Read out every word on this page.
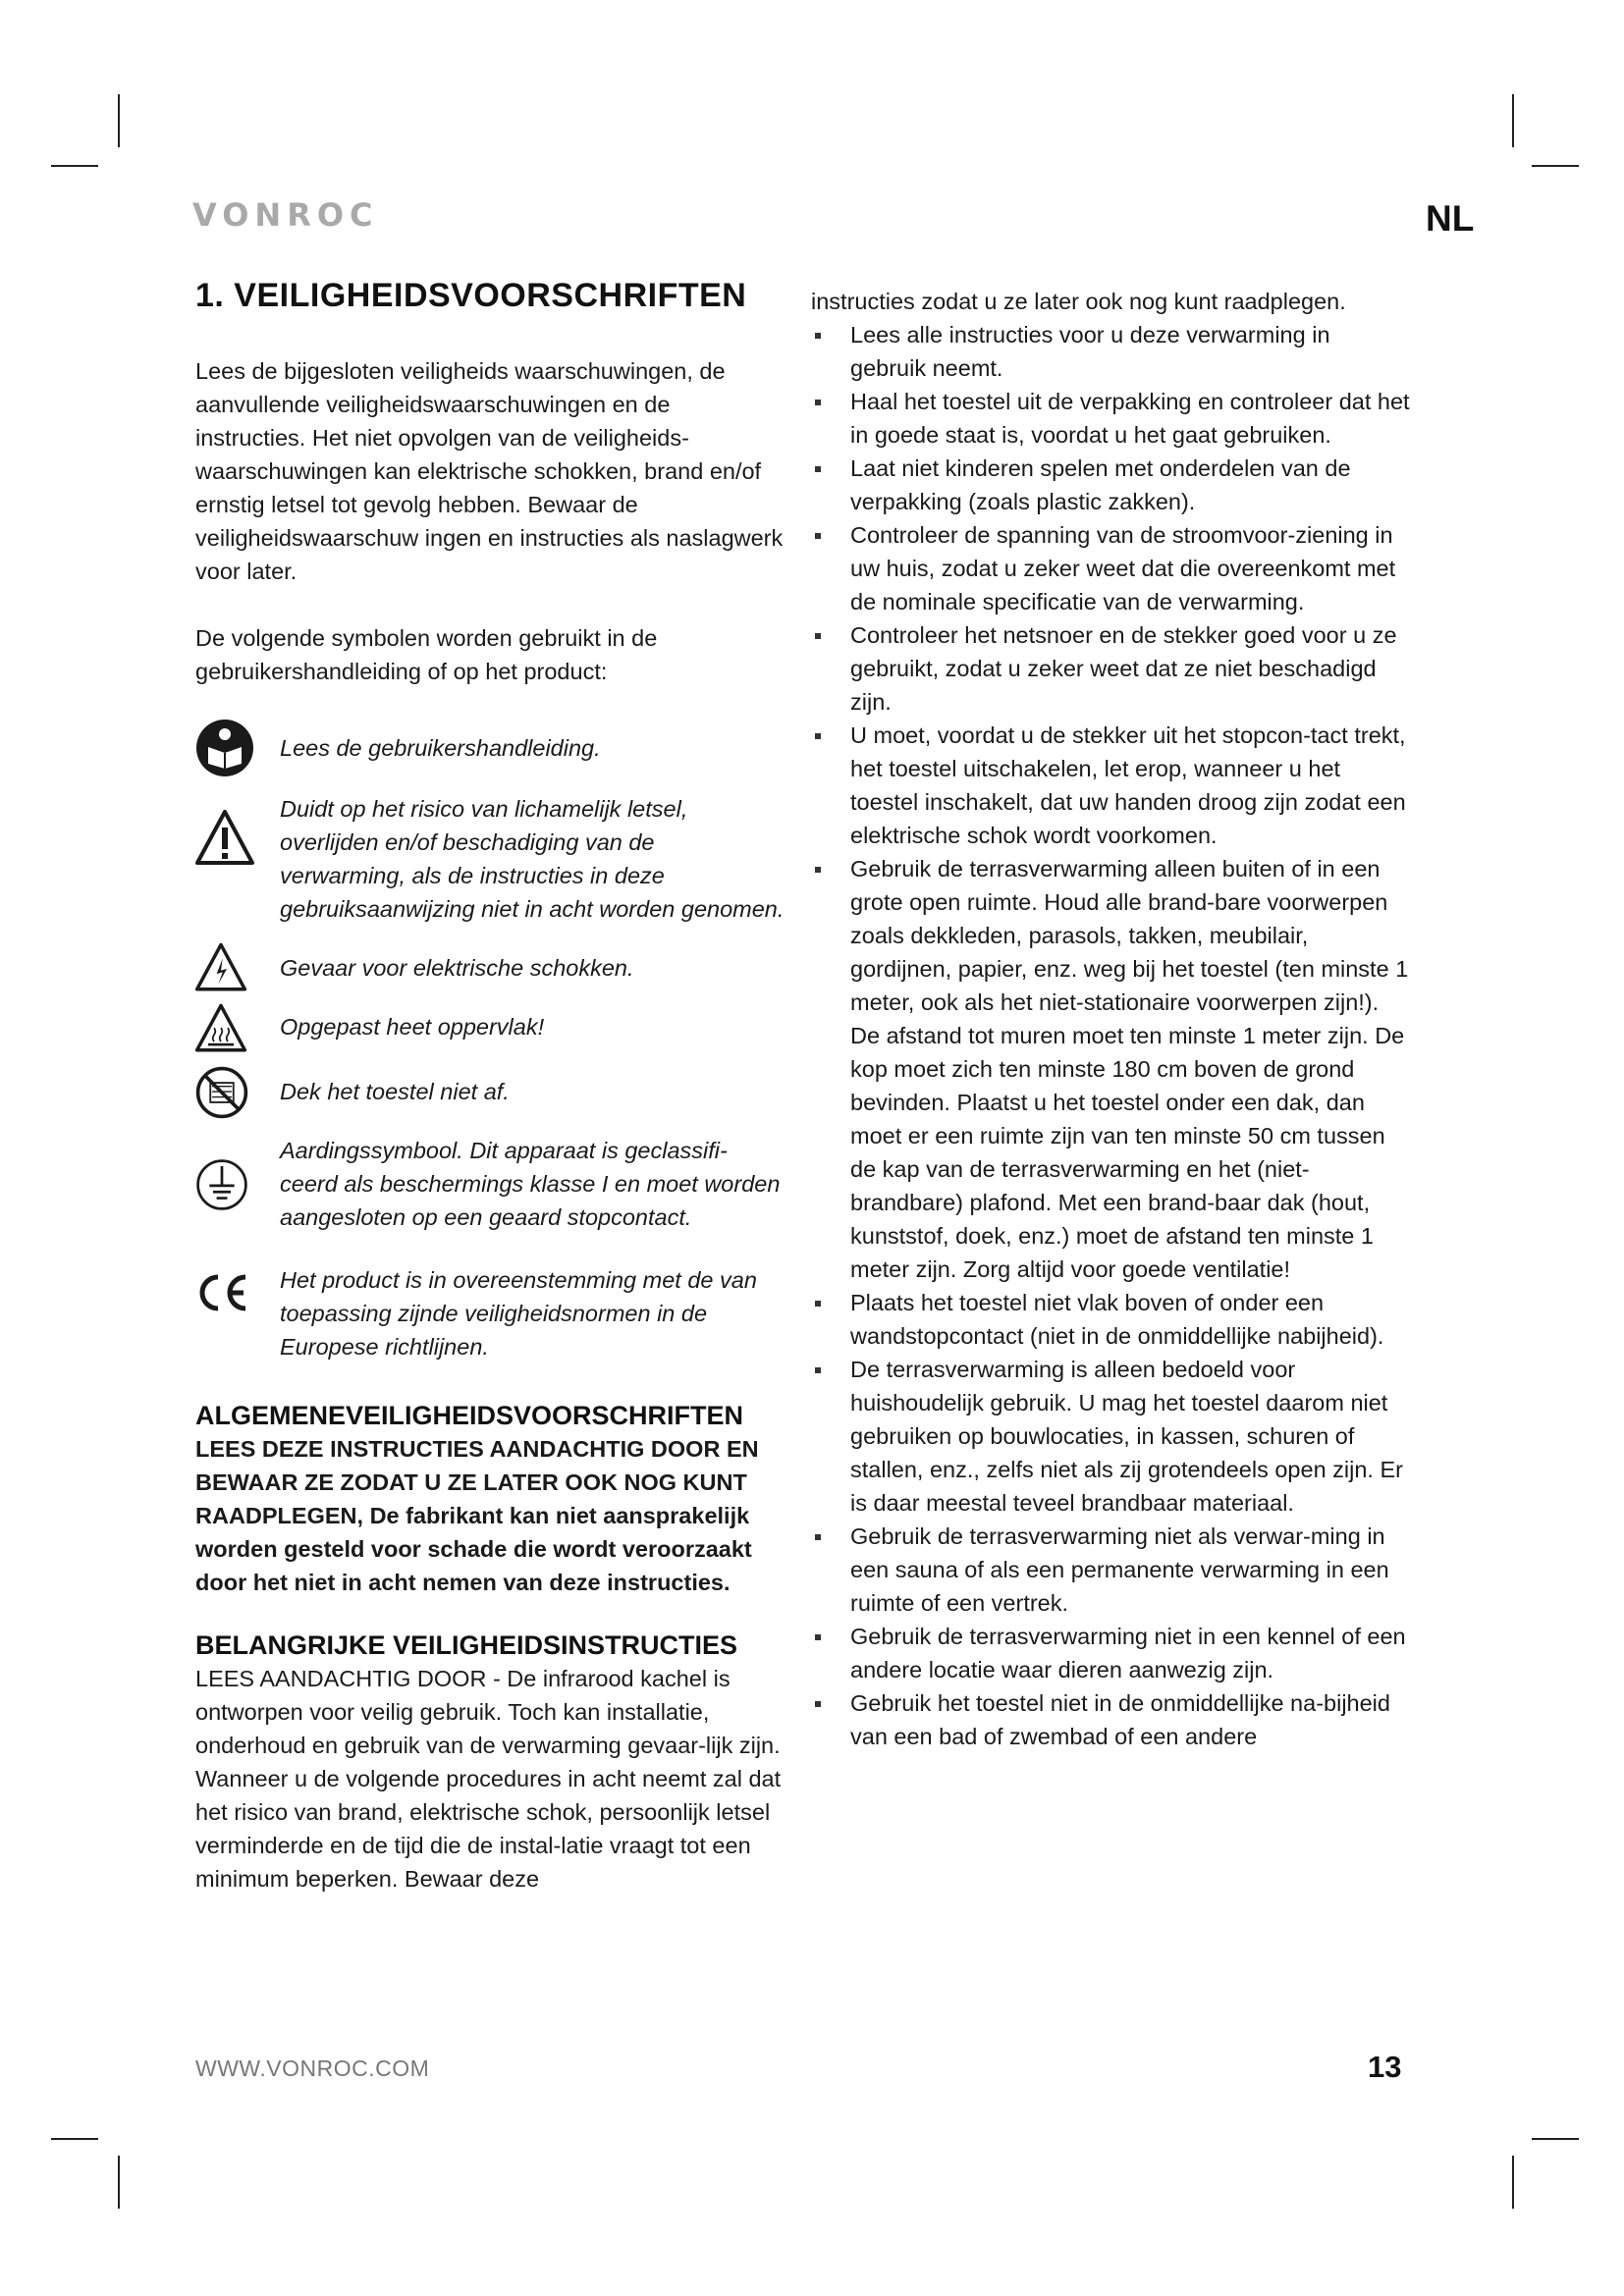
VONROC	NL
1. VEILIGHEIDSVOORSCHRIFTEN

Lees de bijgesloten veiligheids waarschuwingen, de aanvullende veiligheidswaarschuwingen en de instructies. Het niet opvolgen van de veiligheids-waarschuwingen kan elektrische schokken, brand en/of ernstig letsel tot gevolg hebben. Bewaar de veiligheidswaarschuw ingen en instructies als naslagwerk voor later.

De volgende symbolen worden gebruikt in de gebruikershandleiding of op het product:

Lees de gebruikershandleiding.
Duidt op het risico van lichamelijk letsel, overlijden en/of beschadiging van de verwarming, als de instructies in deze gebruiksaanwijzing niet in acht worden genomen.
Gevaar voor elektrische schokken.
Opgepast heet oppervlak!
Dek het toestel niet af.
Aardingssymbool. Dit apparaat is geclassifi-ceerd als beschermings klasse I en moet worden aangesloten op een geaard stopcontact.
Het product is in overeenstemming met de van toepassing zijnde veiligheidsnormen in de Europese richtlijnen.
ALGEMENEVEILIGHEIDSVOORSCHRIFTEN

LEES DEZE INSTRUCTIES AANDACHTIG DOOR EN BEWAAR ZE ZODAT U ZE LATER OOK NOG KUNT RAADPLEGEN, De fabrikant kan niet aansprakelijk worden gesteld voor schade die wordt veroorzaakt door het niet in acht nemen van deze instructies.

BELANGRIJKE VEILIGHEIDSINSTRUCTIES

LEES AANDACHTIG DOOR - De infrarood kachel is ontworpen voor veilig gebruik. Toch kan installatie, onderhoud en gebruik van de verwarming gevaar-lijk zijn. Wanneer u de volgende procedures in acht neemt zal dat het risico van brand, elektrische schok, persoonlijk letsel verminderde en de tijd die de instal-latie vraagt tot een minimum beperken. Bewaar deze

instructies zodat u ze later ook nog kunt raadplegen.

Lees alle instructies voor u deze verwarming in gebruik neemt.
Haal het toestel uit de verpakking en controleer dat het in goede staat is, voordat u het gaat gebruiken.
Laat niet kinderen spelen met onderdelen van de verpakking (zoals plastic zakken).
Controleer de spanning van de stroomvoor-ziening in uw huis, zodat u zeker weet dat die overeenkomt met de nominale specificatie van de verwarming.
Controleer het netsnoer en de stekker goed voor u ze gebruikt, zodat u zeker weet dat ze niet beschadigd zijn.
U moet, voordat u de stekker uit het stopcon-tact trekt, het toestel uitschakelen, let erop, wanneer u het toestel inschakelt, dat uw handen droog zijn zodat een elektrische schok wordt voorkomen.
Gebruik de terrasverwarming alleen buiten of in een grote open ruimte. Houd alle brand-bare voorwerpen zoals dekkleden, parasols, takken, meubilair, gordijnen, papier, enz. weg bij het toestel (ten minste 1 meter, ook als het niet-stationaire voorwerpen zijn!). De afstand tot muren moet ten minste 1 meter zijn. De kop moet zich ten minste 180 cm boven de grond bevinden. Plaatst u het toestel onder een dak, dan moet er een ruimte zijn van ten minste 50 cm tussen de kap van de terrasverwarming en het (niet-brandbare) plafond. Met een brand-baar dak (hout, kunststof, doek, enz.) moet de afstand ten minste 1 meter zijn. Zorg altijd voor goede ventilatie!
Plaats het toestel niet vlak boven of onder een wandstopcontact (niet in de onmiddellijke nabijheid).
De terrasverwarming is alleen bedoeld voor huishoudelijk gebruik. U mag het toestel daarom niet gebruiken op bouwlocaties, in kassen, schuren of stallen, enz., zelfs niet als zij grotendeels open zijn. Er is daar meestal teveel brandbaar materiaal.
Gebruik de terrasverwarming niet als verwar-ming in een sauna of als een permanente verwarming in een ruimte of een vertrek.
Gebruik de terrasverwarming niet in een kennel of een andere locatie waar dieren aanwezig zijn.
Gebruik het toestel niet in de onmiddellijke na-bijheid van een bad of zwembad of een andere
WWW.VONROC.COM	13
